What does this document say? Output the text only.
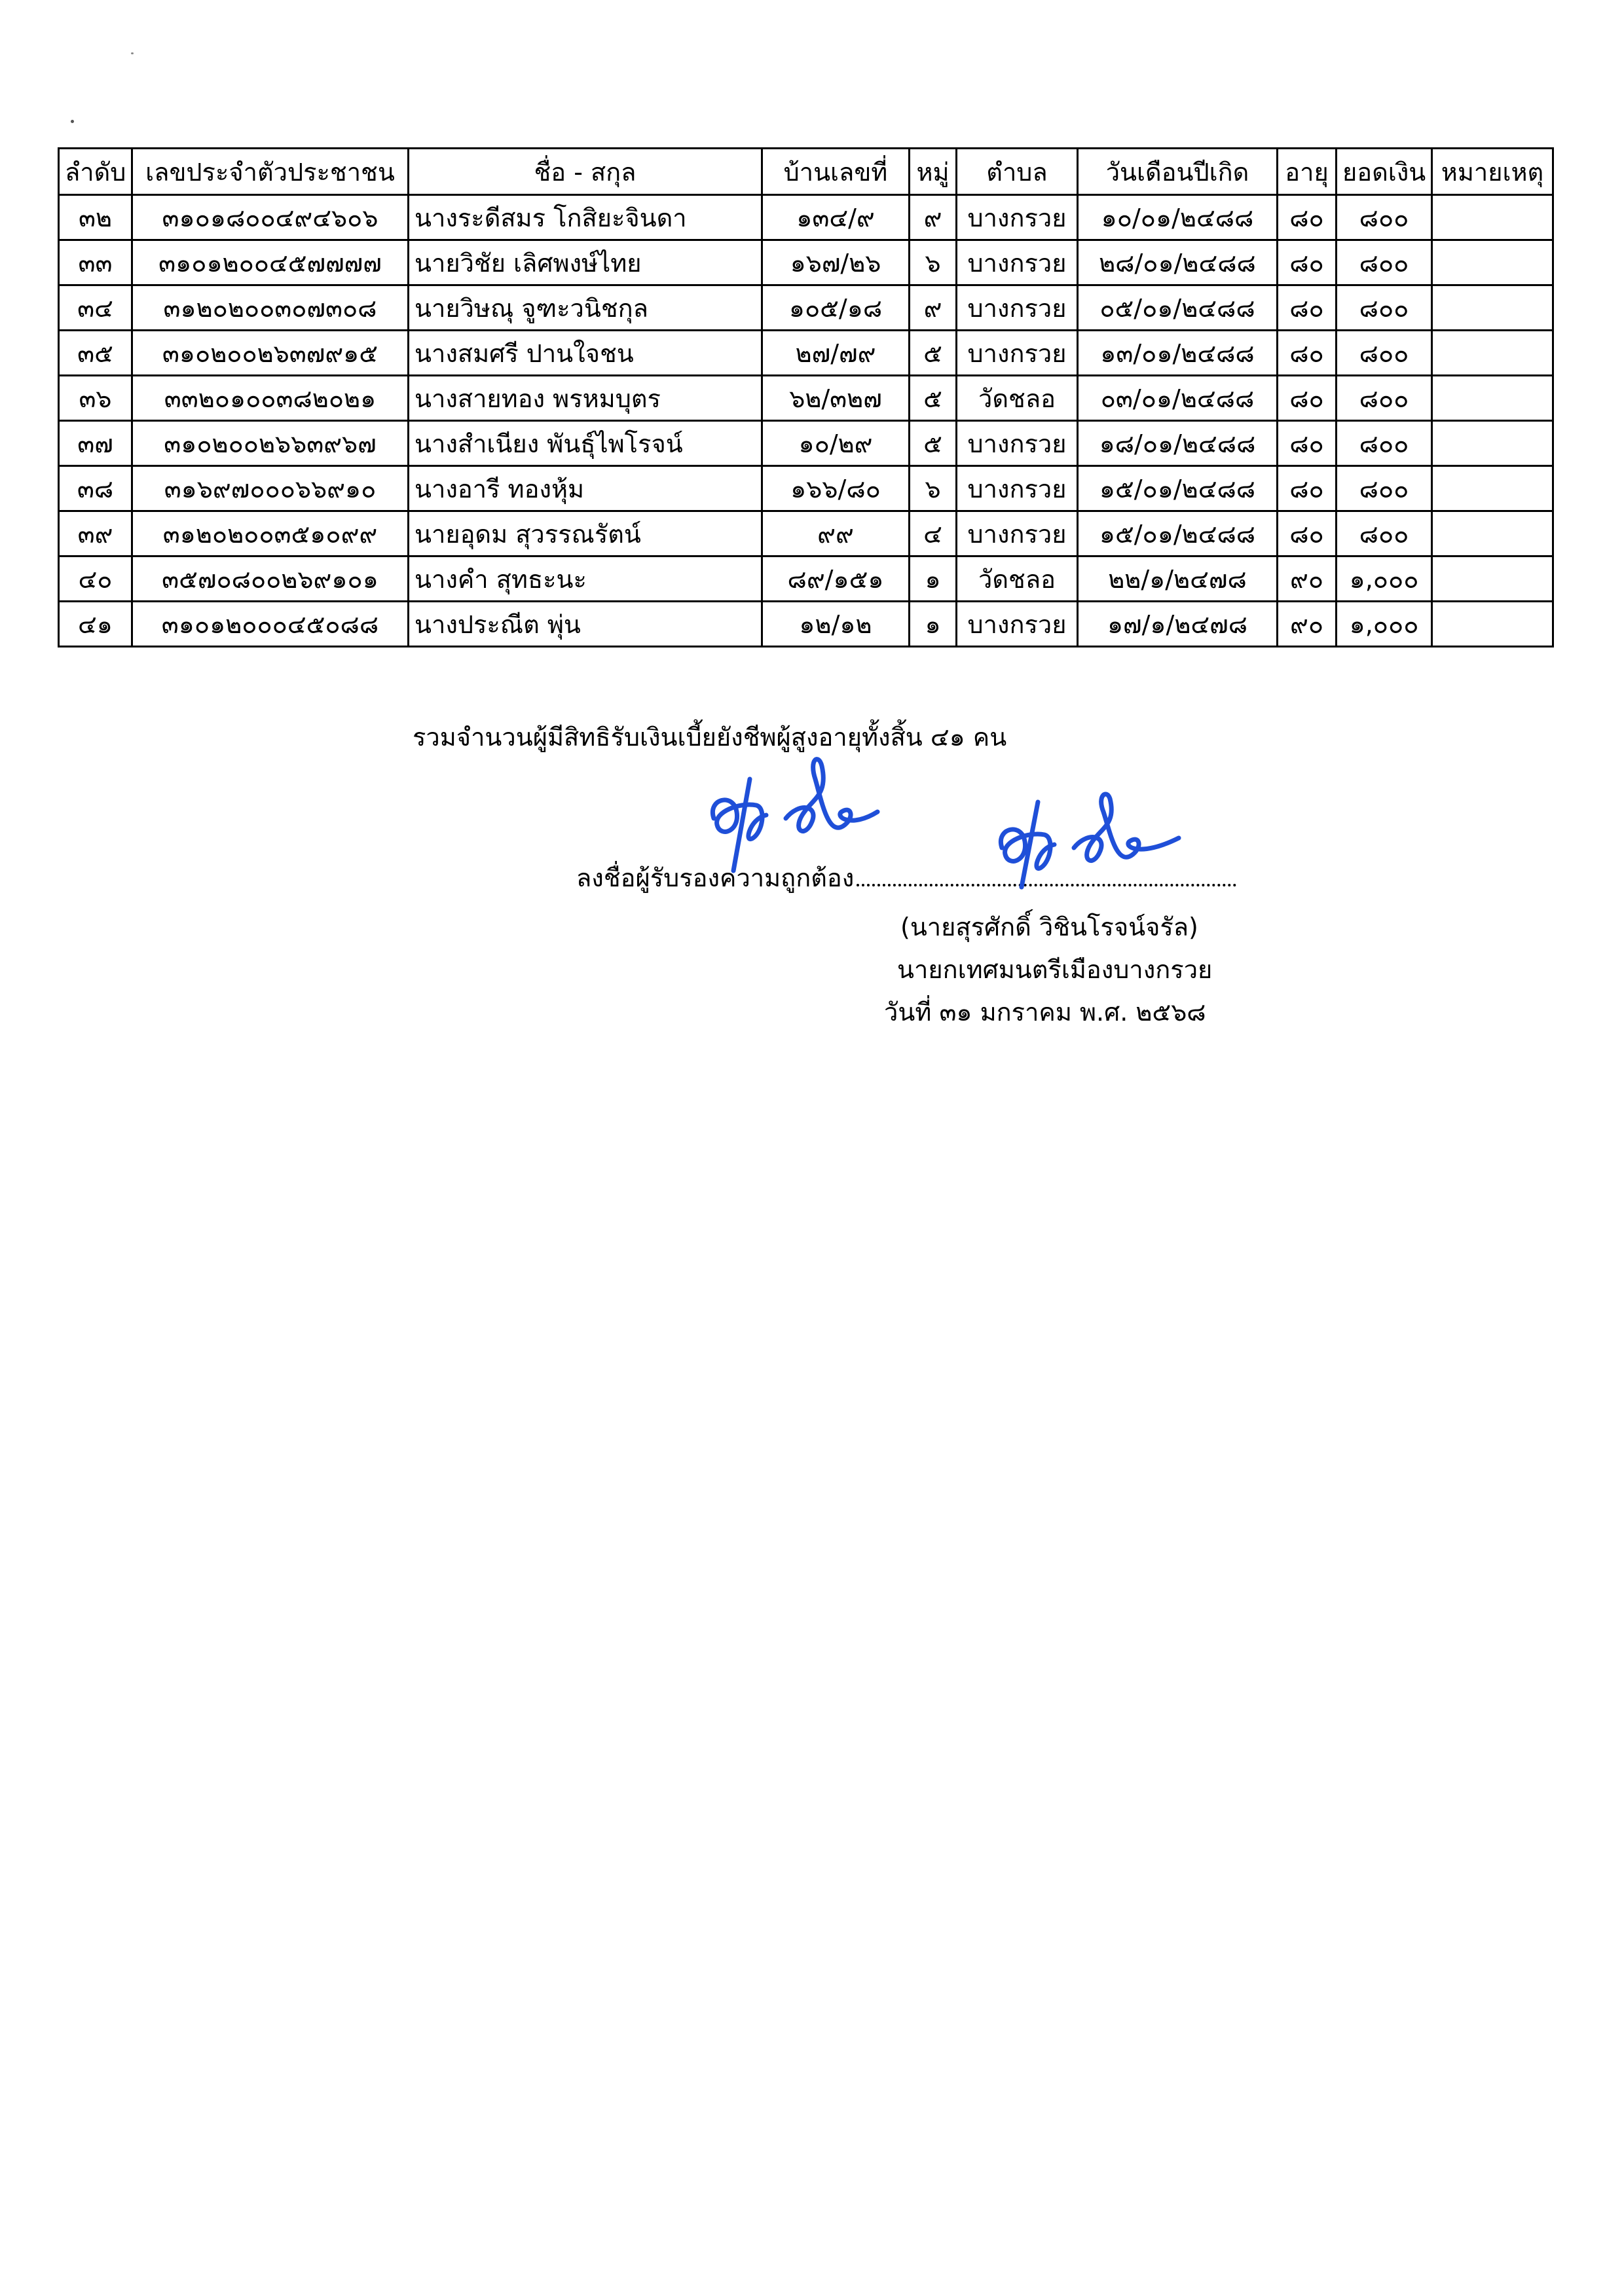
ลำดับ	เลขประจำตัวประชาชน	ชื่อ - สกุล	บ้านเลขที่	หมู่	ตำบล	วันเดือนปีเกิด	อายุ	ยอดเงิน	หมายเหตุ
๓๒	๓๑๐๑๘๐๐๔๙๔๖๐๖	นางระดีสมร โกสิยะจินดา	๑๓๔/๙	๙	บางกรวย	๑๐/๐๑/๒๔๘๘	๘๐	๘๐๐	
๓๓	๓๑๐๑๒๐๐๔๕๗๗๗๗	นายวิชัย เลิศพงษ์ไทย	๑๖๗/๒๖	๖	บางกรวย	๒๘/๐๑/๒๔๘๘	๘๐	๘๐๐	
๓๔	๓๑๒๐๒๐๐๓๐๗๓๐๘	นายวิษณุ จูฑะวนิชกุล	๑๐๕/๑๘	๙	บางกรวย	๐๕/๐๑/๒๔๘๘	๘๐	๘๐๐	
๓๕	๓๑๐๒๐๐๒๖๓๗๙๑๕	นางสมศรี ปานใจชน	๒๗/๗๙	๕	บางกรวย	๑๓/๐๑/๒๔๘๘	๘๐	๘๐๐	
๓๖	๓๓๒๐๑๐๐๓๘๒๐๒๑	นางสายทอง พรหมบุตร	๖๒/๓๒๗	๕	วัดชลอ	๐๓/๐๑/๒๔๘๘	๘๐	๘๐๐	
๓๗	๓๑๐๒๐๐๒๖๖๓๙๖๗	นางสำเนียง พันธุ์ไพโรจน์	๑๐/๒๙	๕	บางกรวย	๑๘/๐๑/๒๔๘๘	๘๐	๘๐๐	
๓๘	๓๑๖๙๗๐๐๐๖๖๙๑๐	นางอารี ทองหุ้ม	๑๖๖/๘๐	๖	บางกรวย	๑๕/๐๑/๒๔๘๘	๘๐	๘๐๐	
๓๙	๓๑๒๐๒๐๐๓๕๑๐๙๙	นายอุดม สุวรรณรัตน์	๙๙	๔	บางกรวย	๑๕/๐๑/๒๔๘๘	๘๐	๘๐๐	
๔๐	๓๕๗๐๘๐๐๒๖๙๑๐๑	นางคำ สุทธะนะ	๘๙/๑๕๑	๑	วัดชลอ	๒๒/๑/๒๔๗๘	๙๐	๑,๐๐๐	
๔๑	๓๑๐๑๒๐๐๐๔๕๐๘๘	นางประณีต พุ่น	๑๒/๑๒	๑	บางกรวย	๑๗/๑/๒๔๗๘	๙๐	๑,๐๐๐	
รวมจำนวนผู้มีสิทธิรับเงินเบี้ยยังชีพผู้สูงอายุทั้งสิ้น ๔๑ คน
ลงชื่อผู้รับรองความถูกต้อง
(นายสุรศักดิ์ วิชินโรจน์จรัล)
นายกเทศมนตรีเมืองบางกรวย
วันที่ ๓๑ มกราคม พ.ศ. ๒๕๖๘
